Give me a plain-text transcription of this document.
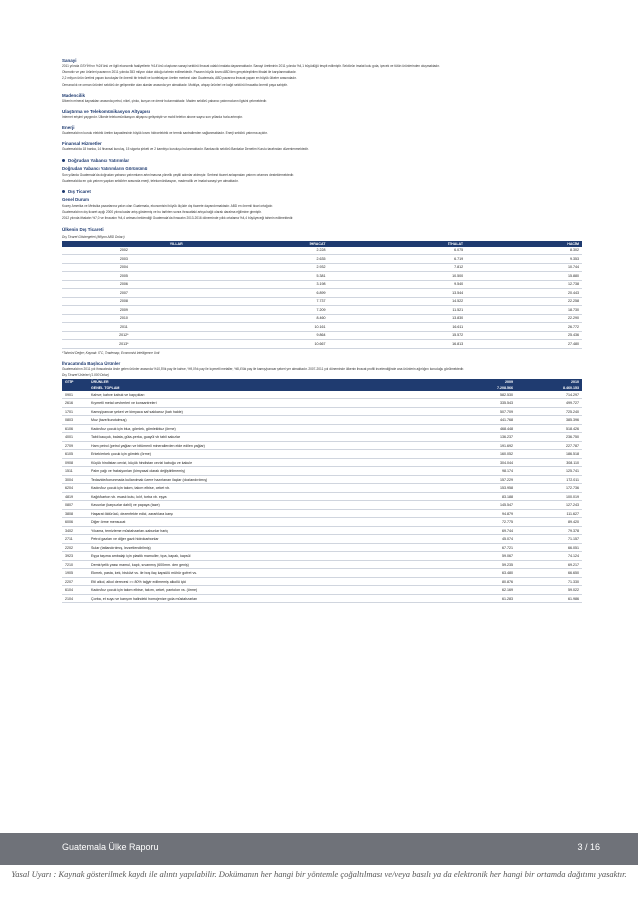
Sanayi

2011 yılında GSYİH'nın %24'ünü ve ilgili ekonomik faaliyetlerin %14'ünü oluşturan sanayi sektörü ihracat odaklı imalata dayanmaktadır. Sanayi üretiminin 2011 yılında %4,1 büyüdüğü tespit edilmiştir. Sektörün imalat kolu gıda, içecek ve tütün ürünlerinden oluşmaktadır.

Otomotiv ve yan ürünleri pazarının 2011 yılında 353 milyon dolar olduğu tahmin edilmektedir. Pazarın büyük kısmı ABD'den gerçekleştirilen ithalat ile karşılanmaktadır.

2,2 milyon ürün üretimi yapan kuruluşlar ile önemli bir tekstil ve konfeksiyon üretim merkezi olan Guatemala, ABD pazarına ihracat yapan en büyük ülkeler arasındadır.

Ormancılık ve orman ürünleri sektörü de gelişmekte olan alanlar arasında yer almaktadır. Mobilya, ahşap ürünleri ve kağıt sektörü ihracatta önemli paya sahiptir.

Madencilik

Ülkenin mineral kaynakları arasında petrol, nikel, çinko, kurşun ve demir bulunmaktadır. Maden sektörü yabancı yatırımcıların ilgisini çekmektedir.

Ulaştırma ve Telekomünikasyon Altyapısı

İnternet erişimi yaygındır. Ülkede telekomünikasyon altyapısı gelişmiştir ve mobil telefon abone sayısı son yıllarda hızla artmıştır.

Enerji

Guatemala'nın kurulu elektrik üretim kapasitesinin büyük kısmı hidroelektrik ve termik santrallerden sağlanmaktadır. Enerji sektörü yatırıma açıktır.

Finansal Hizmetler

Guatemala'da 18 banka, 14 finansal kuruluş, 15 sigorta şirketi ve 2 kambiyo kuruluşu bulunmaktadır. Bankacılık sektörü Bankalar Denetim Kurulu tarafından düzenlenmektedir.

Doğrudan Yabancı Yatırımlar
Doğrudan Yabancı Yatırımların Görünümü

Son yıllarda Guatemala'da doğrudan yabancı yatırımların artırılmasına yönelik çeşitli adımlar atılmıştır. Serbest ticaret anlaşmaları yatırım ortamını desteklemektedir.

Guatemala'da en çok yatırım yapılan sektörler arasında enerji, telekomünikasyon, madencilik ve imalat sanayi yer almaktadır.

Dış Ticaret
Genel Durum

Kuzey Amerika ve Meksika pazarlarına yakın olan Guatemala, ekonomisini büyük ölçüde dış ticarete dayandırmaktadır. ABD en önemli ticari ortağıdır.

Guatemala'nın dış ticaret açığı 2000 yılına kadar artış göstermiş ve bu tarihten sonra ihracattaki artışa bağlı olarak daralma eğilimine girmiştir.

2012 yılında ithalatın %7,0 ve ihracatın %4,4 artması beklendiği Guatemala'da ihracatın 2013-2016 döneminde yıllık ortalama %4,4 büyüyeceği tahmin edilmektedir.

Ülkenin Dış Ticareti
Dış Ticaret Göstergeleri (Milyon ABD Doları)
YILLAR	İHRACAT	İTHALAT	HACİM
2002	2.228	6.075	8.302
2003	2.635	6.719	9.353
2004	2.932	7.812	10.744
2005	5.381	10.500	15.880
2006	3.198	9.540	12.738
2007	6.899	13.544	20.443
2008	7.737	14.522	22.258
2009	7.209	11.521	18.730
2010	8.460	13.830	22.290
2011	10.161	16.611	26.772
2012*	9.864	15.572	25.436
2013*	10.667	16.813	27.480
*Tahmini Değer; Kaynak: ITC, Trademap, Economist Intelligence Unit
İhracatında Başlıca Ürünler

Guatemala'nın 2011 yılı ihracatında önde gelen ürünler arasında %10,5'lik pay ile kahve, %9,0'lık pay ile kıymetli metaller, %8,4'lük pay ile kamış/pancar şekeri yer almaktadır. 2007-2011 yılı döneminde ülkenin ihracat profili incelendiğinde ana ürünlerin ağırlığını koruduğu görülmektedir.

Dış Ticaret Ürünleri (1.000 Dolar)
GTİP	ÜRÜNLER	2009	2010
	GENEL TOPLAM	7.208.566	8.460.153
0901	Kahve; kahve kabuk ve kapçıkları	582.530	714.297
2616	Kıymetli metal cevherleri ve konsantreleri	335.543	499.727
1701	Kamış/pancar şekeri ve kimyaca saf sakkaroz (katı halde)	507.709	725.240
0803	Muz (taze/kurutulmuş)	441.768	385.396
6106	Kadın/kız çocuk için bluz, gömlek, gömlekbluz (örme)	468.448	518.426
4001	Tabii kauçuk, balata, güta-perka, guayül vb tabii sakızlar	136.237	236.750
2709	Ham petrol (petrol yağları ve bitümenli minerallerden elde edilen yağlar)	191.692	227.787
6105	Erkek/erkek çocuk için gömlek (örme)	160.052	186.518
0908	Küçük hindistan cevizi, küçük hindistan cevizi kabuğu ve kakule	304.044	308.110
1511	Palm yağı ve fraksiyonları (kimyasal olarak değiştirilmemiş)	98.174	125.741
3004	Tedavide/korunmada kullanılmak üzere hazırlanan ilaçlar (dozlandırılmış)	157.229	172.011
6204	Kadın/kız çocuk için takım, takım elbise, ceket vb.	153.958	172.736
4819	Kağıt/karton vb. esaslı kutu, kılıf, torba vb. eşya	83.188	100.019
0807	Kavunlar (karpuzlar dahil) ve papaya (taze)	145.547	127.243
3808	Haşarat öldürücü, dezenfekte edici, zararlılara karşı	94.879	111.627
6006	Diğer örme mensucat	72.775	89.420
3402	Yıkama, temizleme müstahzarları-sabunlar hariç	69.744	79.378
2711	Petrol gazları ve diğer gazlı hidrokarbonlar	45.074	71.157
2202	Sular (tatlandırılmış, lezzetlendirilmiş)	67.721	66.051
3923	Eşya taşıma ambalajı için plastik mamuller, tıpa, kapak, kapsül	59.067	74.124
7210	Demir/çelik yassı mamul, kaplı, sıvanmış (600mm. den geniş)	59.235	69.217
1905	Ekmek, pasta, kek, bisküvi vs. ile boş ilaç kapsülü mühür gofret vs.	63.480	66.650
2207	Etil alkol, alkol derecesi >= 80% tağyir edilmemiş alkollü içki	80.876	71.330
6104	Kadın/kız çocuk için takım elbise, takım, ceket, pantolon vs. (örme)	62.169	59.022
2104	Çorba, et suyu ve karışım halindeki homojenize gıda müstahzarları	61.283	61.986
Guatemala Ülke Raporu	3 / 16
Yasal Uyarı : Kaynak gösterilmek kaydı ile alıntı yapılabilir. Dokümanın her hangi bir yöntemle çoğaltılması ve/veya basılı ya da elektronik her hangi bir ortamda dağıtımı yasaktır.
